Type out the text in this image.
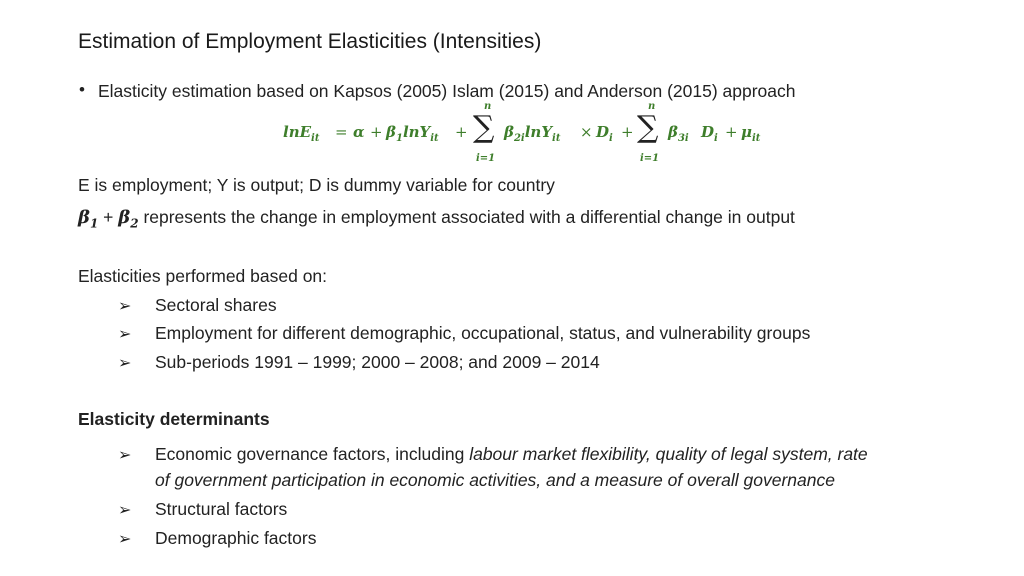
Estimation of Employment Elasticities (Intensities)
• Elasticity estimation based on Kapsos (2005) Islam (2015) and Anderson (2015) approach
$\ln E_{it} = \alpha + \beta_1\ln Y_{it}$ +
n
∑
i=1
$\beta_{2i}\ln Y_{it} \times D_i$ +
n
∑
i=1
$\beta_{3i}$ $D_i + \mu_{it}$
E is employment; Y is output; D is dummy variable for country
$\beta_1 + \beta_2$ represents the change in employment associated with a differential change in output
Elasticities performed based on:
➢ Sectoral shares
➢ Employment for different demographic, occupational, status, and vulnerability groups
➢ Sub-periods 1991 – 1999; 2000 – 2008; and 2009 – 2014
Elasticity determinants
➢ Economic governance factors, including labour market flexibility, quality of legal system, rate
of government participation in economic activities, and a measure of overall governance
➢ Structural factors
➢ Demographic factors
